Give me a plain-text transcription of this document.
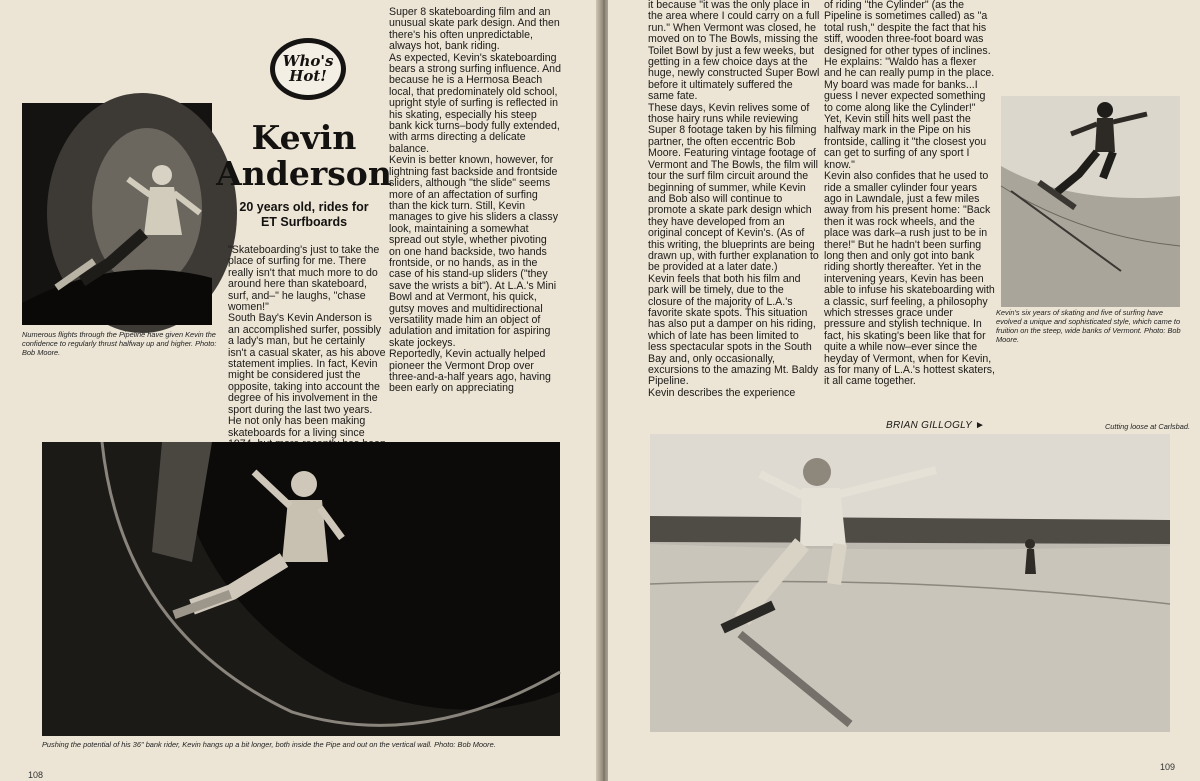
Numerous flights through the Pipeline have given Kevin the confidence to regularly thrust halfway up and higher. Photo: Bob Moore.
Who's
Hot!
Kevin
Anderson
20 years old, rides for
ET Surfboards
"Skateboarding's just to take the place of surfing for me. There really isn't that much more to do around here than skateboard, surf, and–" he laughs, "chase women!"
South Bay's Kevin Anderson is an accomplished surfer, possibly a lady's man, but he certainly isn't a casual skater, as his above statement implies. In fact, Kevin might be considered just the opposite, taking into account the degree of his involvement in the sport during the last two years. He not only has been making skateboards for a living since
Super 8 skateboarding film and an unusual skate park design. And then there's his often unpredictable, always hot, bank riding.
As expected, Kevin's skateboarding bears a strong surfing influence. And because he is a Hermosa Beach local, that predominately old school, upright style of surfing is reflected in his skating, especially his steep bank kick turns–body fully extended, with arms directing a delicate balance.
Kevin is better known, however, for lightning fast backside and frontside sliders, although "the slide" seems more of an affectation of surfing than the kick turn. Still, Kevin manages to give his sliders a classy look, maintaining a somewhat spread out style, whether pivoting on one hand backside, two hands frontside, or no hands, as in the case of his stand-up sliders ("they save the wrists a bit"). At L.A.'s Mini Bowl and at Vermont, his quick, gutsy moves and multidirectional versatility made him an object of adulation and imitation for aspiring skate jockeys.
Reportedly, Kevin actually helped pioneer the Vermont Drop over three-and-a-half years ago, having been early on appreciating
Pushing the potential of his 36" bank rider, Kevin hangs up a bit longer, both inside the Pipe and out on the vertical wall. Photo: Bob Moore.
108
it because "it was the only place in the area where I could carry on a full run." When Vermont was closed, he moved on to The Bowls, missing the Toilet Bowl by just a few weeks, but getting in a few choice days at the huge, newly constructed Super Bowl before it ultimately suffered the same fate.
These days, Kevin relives some of those hairy runs while reviewing Super 8 footage taken by his filming partner, the often eccentric Bob Moore. Featuring vintage footage of Vermont and The Bowls, the film will tour the surf film circuit around the beginning of summer, while Kevin and Bob also will continue to promote a skate park design which they have developed from an original concept of Kevin's. (As of this writing, the blueprints are being drawn up, with further explanation to be provided at a later date.)
Kevin feels that both his film and park will be timely, due to the closure of the majority of L.A.'s favorite skate spots. This situation has also put a damper on his riding, which of late has been limited to less spectacular spots in the South Bay and, only occasionally, excursions to the amazing Mt. Baldy Pipeline.
Kevin describes the experience
of riding "the Cylinder" (as the Pipeline is sometimes called) as "a total rush," despite the fact that his stiff, wooden three-foot board was designed for other types of inclines. He explains: "Waldo has a flexer and he can really pump in the place. My board was made for banks...I guess I never expected something to come along like the Cylinder!" Yet, Kevin still hits well past the halfway mark in the Pipe on his frontside, calling it "the closest you can get to surfing of any sport I know."
Kevin also confides that he used to ride a smaller cylinder four years ago in Lawndale, just a few miles away from his present home: "Back then it was rock wheels, and the place was dark–a rush just to be in there!" But he hadn't been surfing long then and only got into bank riding shortly thereafter. Yet in the intervening years, Kevin has been able to infuse his skateboarding with a classic, surf feeling, a philosophy which stresses grace under pressure and stylish technique. In fact, his skating's been like that for quite a while now–ever since the heyday of Vermont, when for Kevin, as for many of L.A.'s hottest skaters, it all came together.
BRIAN GILLOGLY ►
Kevin's six years of skating and five of surfing have evolved a unique and sophisticated style, which came to fruition on the steep, wide banks of Vermont. Photo: Bob Moore.
Cutting loose at Carlsbad.
109
